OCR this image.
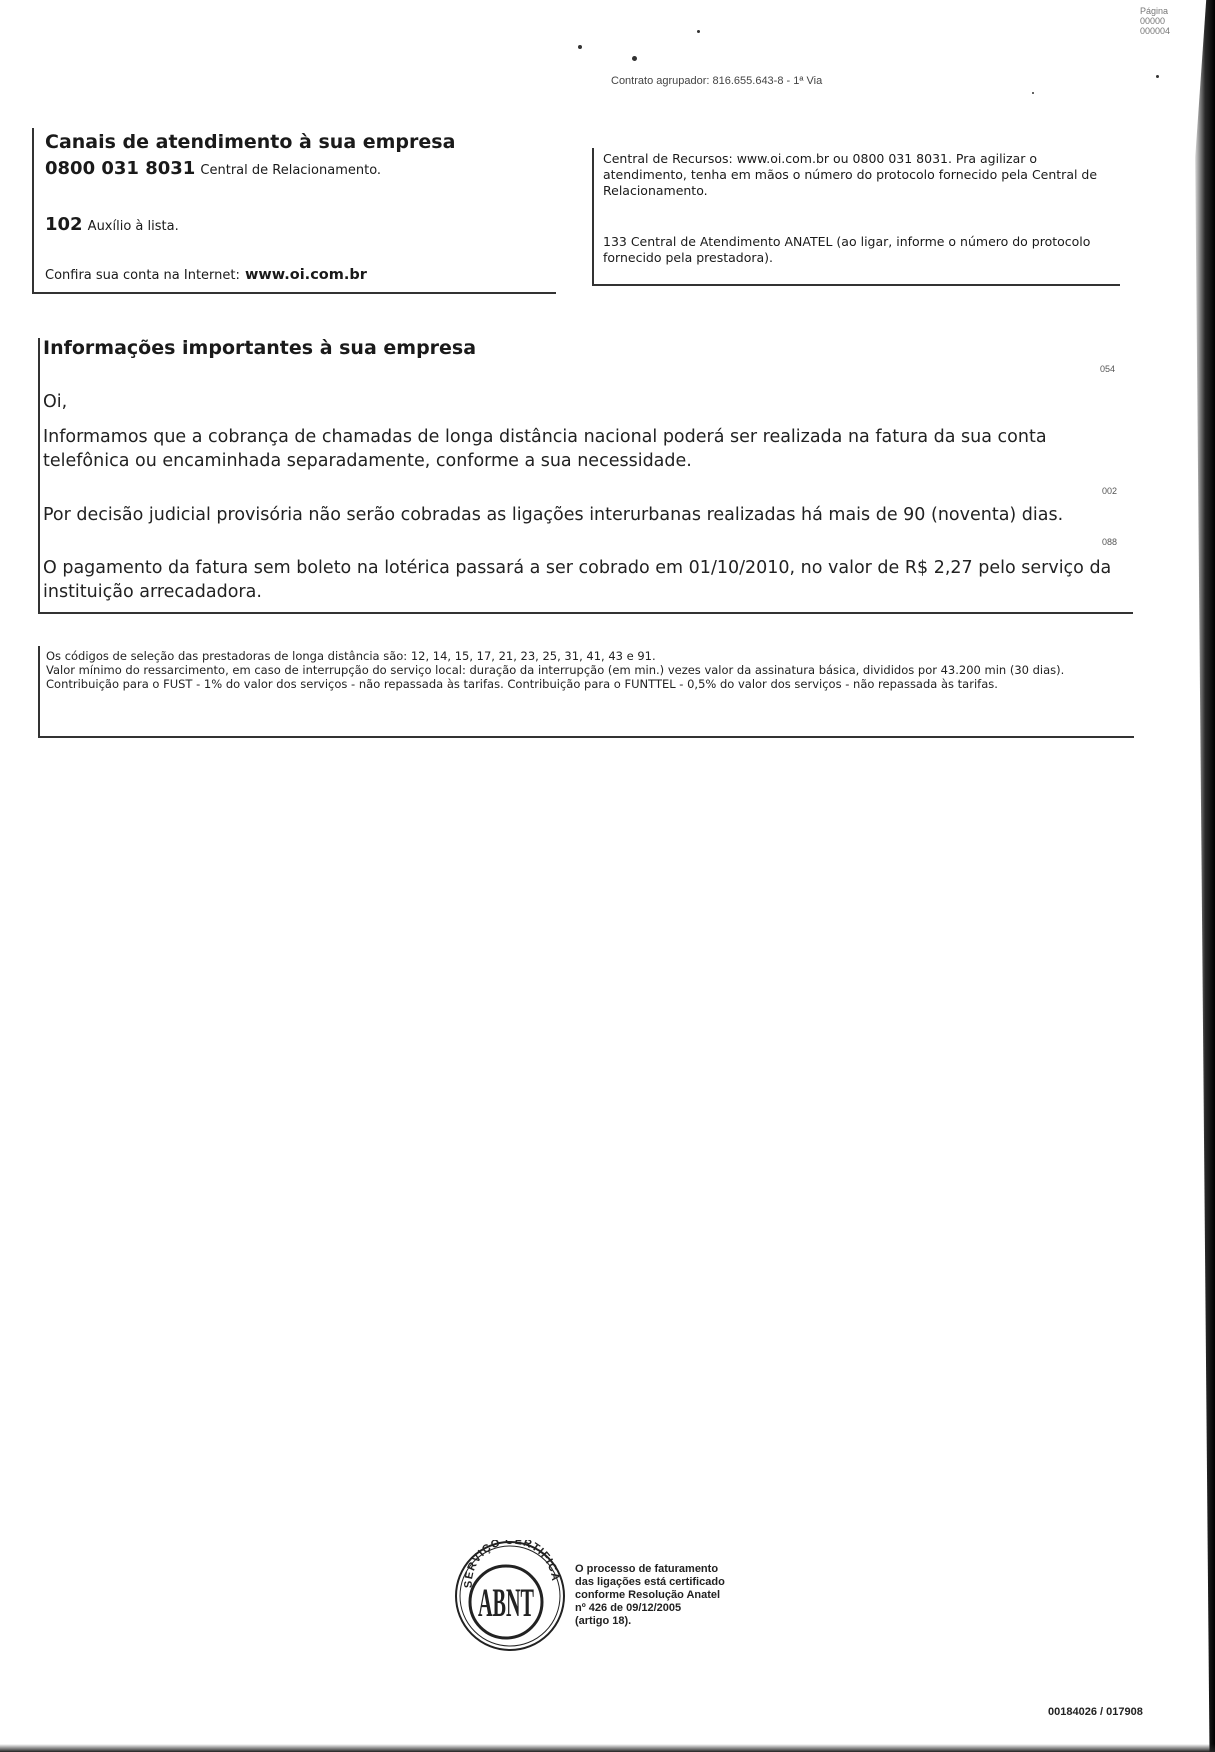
Página
00000
000004
Contrato agrupador: 816.655.643-8 - 1ª Via
Canais de atendimento à sua empresa
0800 031 8031 Central de Relacionamento.
102 Auxílio à lista.
Confira sua conta na Internet: www.oi.com.br
Central de Recursos: www.oi.com.br ou 0800 031 8031. Pra agilizar o atendimento, tenha em mãos o número do protocolo fornecido pela Central de Relacionamento.
133 Central de Atendimento ANATEL (ao ligar, informe o número do protocolo fornecido pela prestadora).
Informações importantes à sua empresa
054
Oi,
Informamos que a cobrança de chamadas de longa distância nacional poderá ser realizada na fatura da sua conta telefônica ou encaminhada separadamente, conforme a sua necessidade.
002
Por decisão judicial provisória não serão cobradas as ligações interurbanas realizadas há mais de 90 (noventa) dias.
088
O pagamento da fatura sem boleto na lotérica passará a ser cobrado em 01/10/2010, no valor de R$ 2,27 pelo serviço da instituição arrecadadora.
Os códigos de seleção das prestadoras de longa distância são: 12, 14, 15, 17, 21, 23, 25, 31, 41, 43 e 91.
Valor mínimo do ressarcimento, em caso de interrupção do serviço local: duração da interrupção (em min.) vezes valor da assinatura básica, divididos por 43.200 min (30 dias).
Contribuição para o FUST - 1% do valor dos serviços - não repassada às tarifas. Contribuição para o FUNTTEL - 0,5% do valor dos serviços - não repassada às tarifas.
SERVIÇO CERTIFICA
ABNT
O processo de faturamento
das ligações está certificado
conforme Resolução Anatel
nº 426 de 09/12/2005
(artigo 18).
00184026 / 017908
